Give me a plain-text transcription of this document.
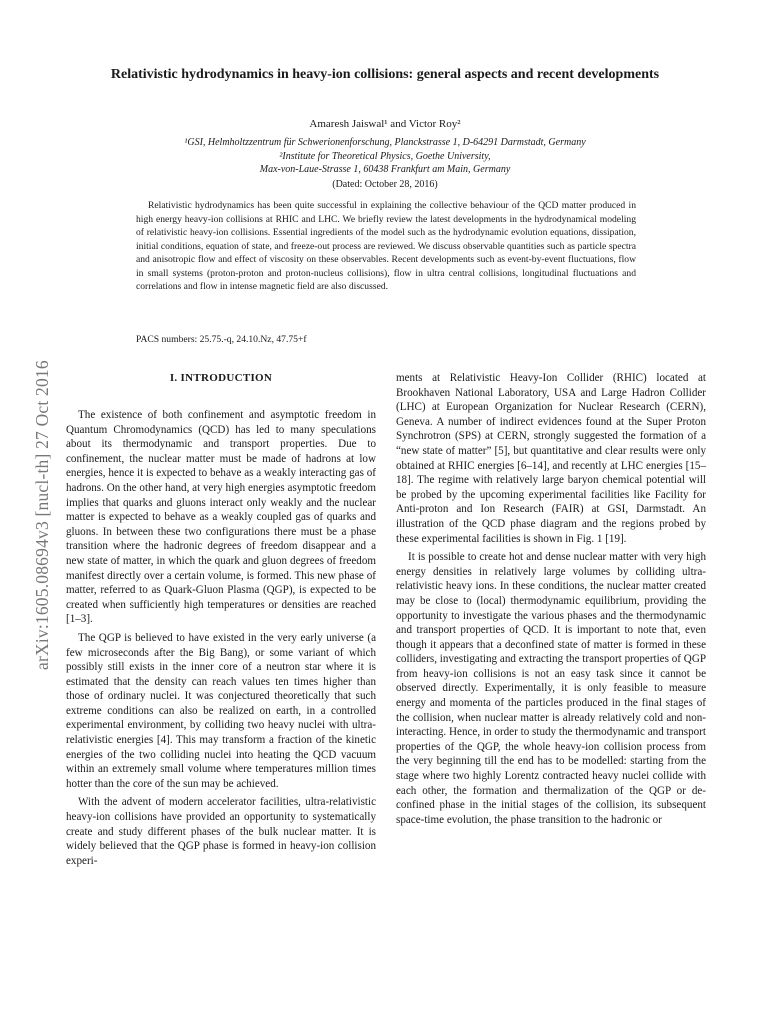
arXiv:1605.08694v3 [nucl-th] 27 Oct 2016
Relativistic hydrodynamics in heavy-ion collisions: general aspects and recent developments
Amaresh Jaiswal¹ and Victor Roy²
¹GSI, Helmholtzzentrum für Schwerionenforschung, Planckstrasse 1, D-64291 Darmstadt, Germany
²Institute for Theoretical Physics, Goethe University,
Max-von-Laue-Strasse 1, 60438 Frankfurt am Main, Germany
(Dated: October 28, 2016)
Relativistic hydrodynamics has been quite successful in explaining the collective behaviour of the QCD matter produced in high energy heavy-ion collisions at RHIC and LHC. We briefly review the latest developments in the hydrodynamical modeling of relativistic heavy-ion collisions. Essential ingredients of the model such as the hydrodynamic evolution equations, dissipation, initial conditions, equation of state, and freeze-out process are reviewed. We discuss observable quantities such as particle spectra and anisotropic flow and effect of viscosity on these observables. Recent developments such as event-by-event fluctuations, flow in small systems (proton-proton and proton-nucleus collisions), flow in ultra central collisions, longitudinal fluctuations and correlations and flow in intense magnetic field are also discussed.
PACS numbers: 25.75.-q, 24.10.Nz, 47.75+f
I. INTRODUCTION

The existence of both confinement and asymptotic freedom in Quantum Chromodynamics (QCD) has led to many speculations about its thermodynamic and transport properties. Due to confinement, the nuclear matter must be made of hadrons at low energies, hence it is expected to behave as a weakly interacting gas of hadrons. On the other hand, at very high energies asymptotic freedom implies that quarks and gluons interact only weakly and the nuclear matter is expected to behave as a weakly coupled gas of quarks and gluons. In between these two configurations there must be a phase transition where the hadronic degrees of freedom disappear and a new state of matter, in which the quark and gluon degrees of freedom manifest directly over a certain volume, is formed. This new phase of matter, referred to as Quark-Gluon Plasma (QGP), is expected to be created when sufficiently high temperatures or densities are reached [1–3].

The QGP is believed to have existed in the very early universe (a few microseconds after the Big Bang), or some variant of which possibly still exists in the inner core of a neutron star where it is estimated that the density can reach values ten times higher than those of ordinary nuclei. It was conjectured theoretically that such extreme conditions can also be realized on earth, in a controlled experimental environment, by colliding two heavy nuclei with ultra-relativistic energies [4]. This may transform a fraction of the kinetic energies of the two colliding nuclei into heating the QCD vacuum within an extremely small volume where temperatures million times hotter than the core of the sun may be achieved.

With the advent of modern accelerator facilities, ultra-relativistic heavy-ion collisions have provided an opportunity to systematically create and study different phases of the bulk nuclear matter. It is widely believed that the QGP phase is formed in heavy-ion collision experi-

ments at Relativistic Heavy-Ion Collider (RHIC) located at Brookhaven National Laboratory, USA and Large Hadron Collider (LHC) at European Organization for Nuclear Research (CERN), Geneva. A number of indirect evidences found at the Super Proton Synchrotron (SPS) at CERN, strongly suggested the formation of a “new state of matter” [5], but quantitative and clear results were only obtained at RHIC energies [6–14], and recently at LHC energies [15–18]. The regime with relatively large baryon chemical potential will be probed by the upcoming experimental facilities like Facility for Anti-proton and Ion Research (FAIR) at GSI, Darmstadt. An illustration of the QCD phase diagram and the regions probed by these experimental facilities is shown in Fig. 1 [19].

It is possible to create hot and dense nuclear matter with very high energy densities in relatively large volumes by colliding ultra-relativistic heavy ions. In these conditions, the nuclear matter created may be close to (local) thermodynamic equilibrium, providing the opportunity to investigate the various phases and the thermodynamic and transport properties of QCD. It is important to note that, even though it appears that a deconfined state of matter is formed in these colliders, investigating and extracting the transport properties of QGP from heavy-ion collisions is not an easy task since it cannot be observed directly. Experimentally, it is only feasible to measure energy and momenta of the particles produced in the final stages of the collision, when nuclear matter is already relatively cold and non-interacting. Hence, in order to study the thermodynamic and transport properties of the QGP, the whole heavy-ion collision process from the very beginning till the end has to be modelled: starting from the stage where two highly Lorentz contracted heavy nuclei collide with each other, the formation and thermalization of the QGP or de-confined phase in the initial stages of the collision, its subsequent space-time evolution, the phase transition to the hadronic or
